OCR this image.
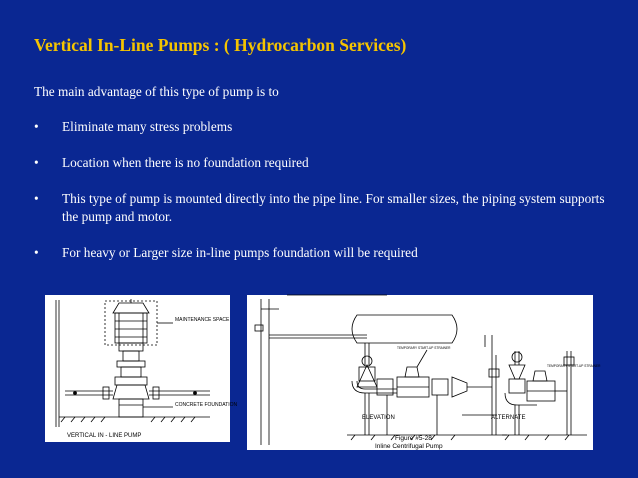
Vertical In-Line Pumps : ( Hydrocarbon Services)
The main advantage of this type of pump is to
• Eliminate many stress problems
• Location when there is no foundation required
• This type of pump is mounted directly into the pipe line. For smaller sizes, the piping system supports the pump and motor.
• For heavy or Larger size in-line pumps foundation will be required
MAINTENANCE SPACE
CONCRETE FOUNDATION
VERTICAL IN - LINE PUMP
TEMPORARY START-UP STRAINER
TEMPORARY START-UP STRAINER
ELEVATION	ALTERNATE
Figure #5-28
Inline Centrifugal Pump
